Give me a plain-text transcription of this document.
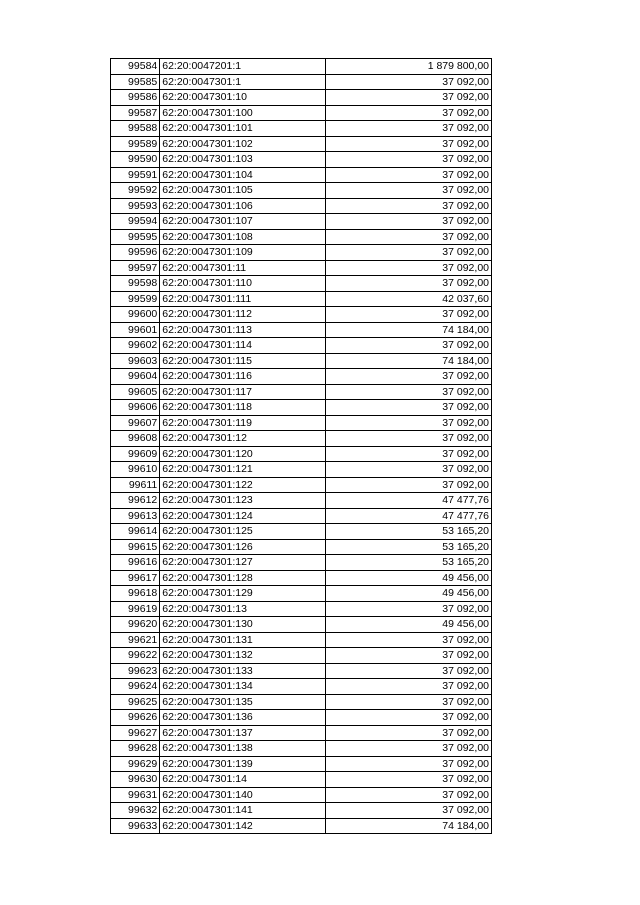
99584	62:20:0047201:1	1 879 800,00
99585	62:20:0047301:1	37 092,00
99586	62:20:0047301:10	37 092,00
99587	62:20:0047301:100	37 092,00
99588	62:20:0047301:101	37 092,00
99589	62:20:0047301:102	37 092,00
99590	62:20:0047301:103	37 092,00
99591	62:20:0047301:104	37 092,00
99592	62:20:0047301:105	37 092,00
99593	62:20:0047301:106	37 092,00
99594	62:20:0047301:107	37 092,00
99595	62:20:0047301:108	37 092,00
99596	62:20:0047301:109	37 092,00
99597	62:20:0047301:11	37 092,00
99598	62:20:0047301:110	37 092,00
99599	62:20:0047301:111	42 037,60
99600	62:20:0047301:112	37 092,00
99601	62:20:0047301:113	74 184,00
99602	62:20:0047301:114	37 092,00
99603	62:20:0047301:115	74 184,00
99604	62:20:0047301:116	37 092,00
99605	62:20:0047301:117	37 092,00
99606	62:20:0047301:118	37 092,00
99607	62:20:0047301:119	37 092,00
99608	62:20:0047301:12	37 092,00
99609	62:20:0047301:120	37 092,00
99610	62:20:0047301:121	37 092,00
99611	62:20:0047301:122	37 092,00
99612	62:20:0047301:123	47 477,76
99613	62:20:0047301:124	47 477,76
99614	62:20:0047301:125	53 165,20
99615	62:20:0047301:126	53 165,20
99616	62:20:0047301:127	53 165,20
99617	62:20:0047301:128	49 456,00
99618	62:20:0047301:129	49 456,00
99619	62:20:0047301:13	37 092,00
99620	62:20:0047301:130	49 456,00
99621	62:20:0047301:131	37 092,00
99622	62:20:0047301:132	37 092,00
99623	62:20:0047301:133	37 092,00
99624	62:20:0047301:134	37 092,00
99625	62:20:0047301:135	37 092,00
99626	62:20:0047301:136	37 092,00
99627	62:20:0047301:137	37 092,00
99628	62:20:0047301:138	37 092,00
99629	62:20:0047301:139	37 092,00
99630	62:20:0047301:14	37 092,00
99631	62:20:0047301:140	37 092,00
99632	62:20:0047301:141	37 092,00
99633	62:20:0047301:142	74 184,00
